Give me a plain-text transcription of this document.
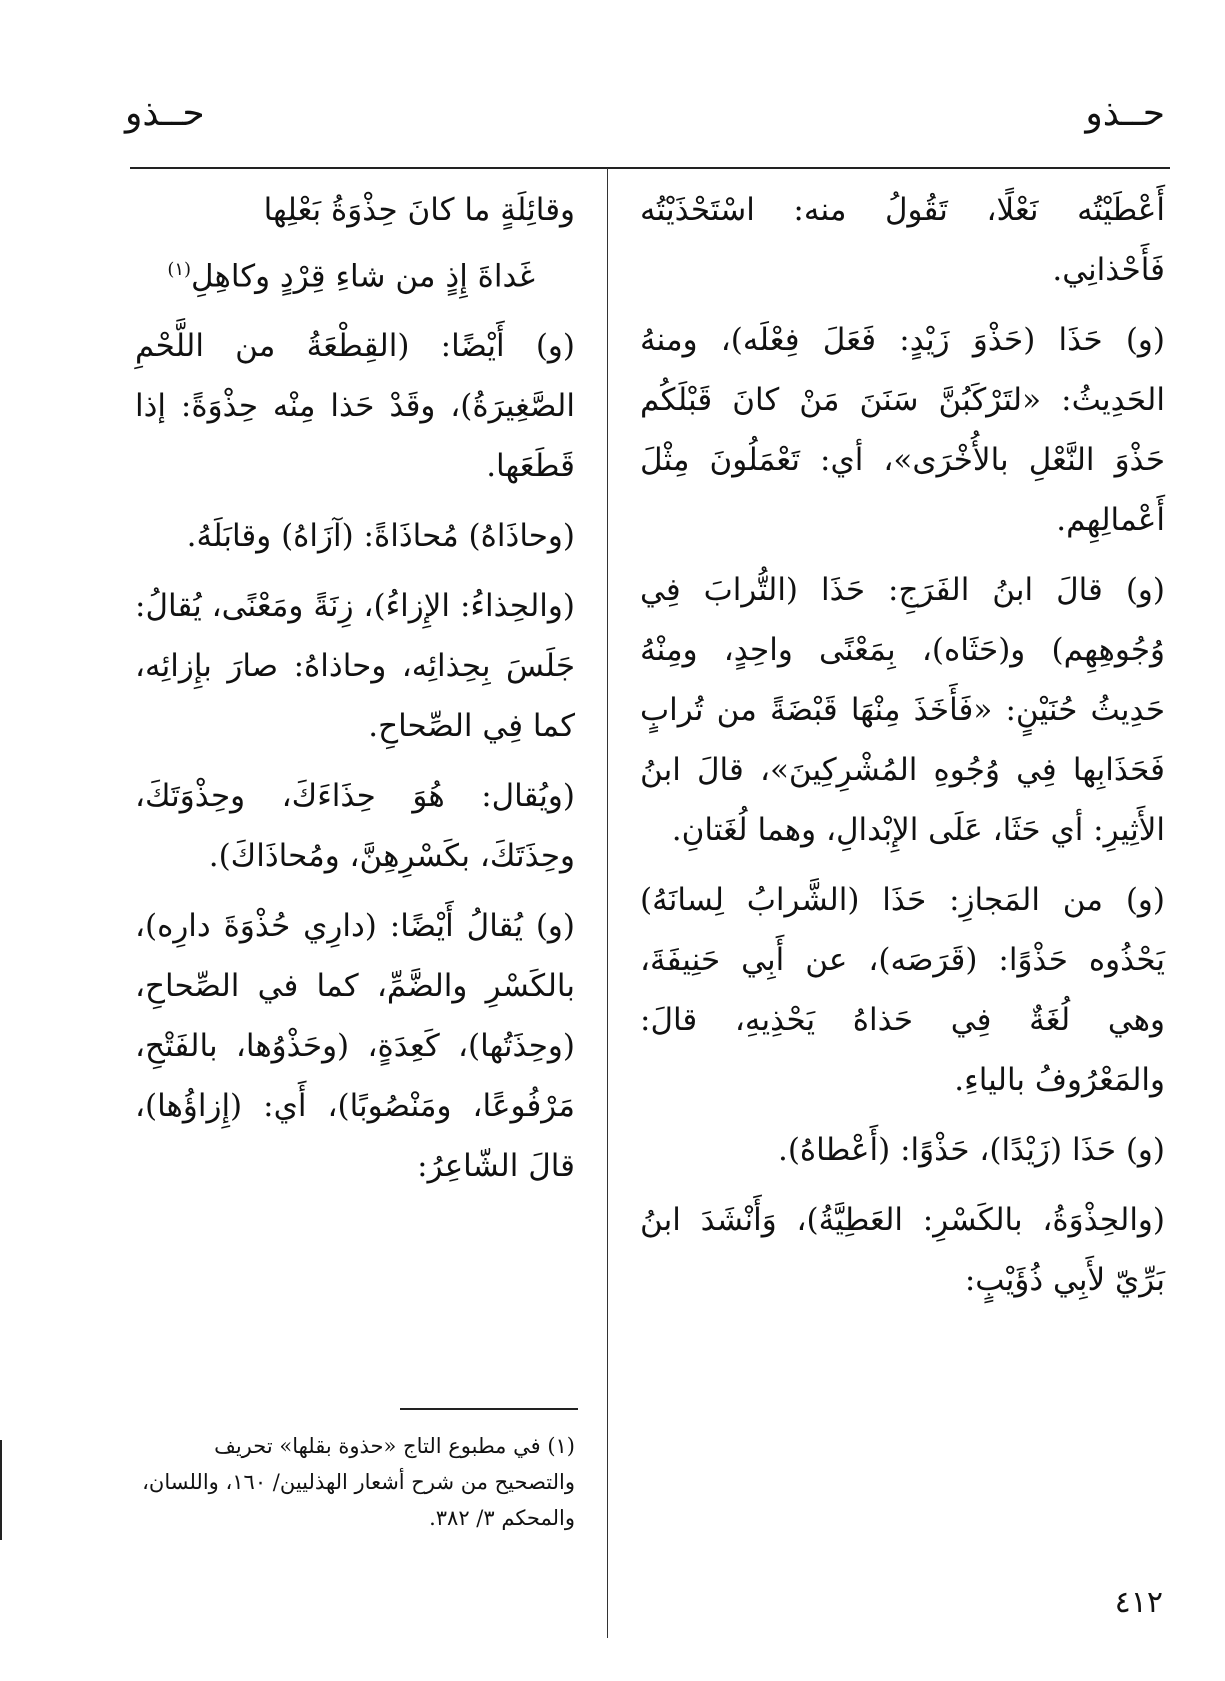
حــذو
حــذو

أَعْطَيْتُه نَعْلًا، تَقُولُ منه: اسْتَحْذَيْتُه فَأَحْذانِي.

(و) حَذَا (حَذْوَ زَيْدٍ: فَعَلَ فِعْلَه)، ومنهُ الحَدِيثُ: «لتَرْكَبُنَّ سَنَنَ مَنْ كانَ قَبْلَكُم حَذْوَ النَّعْلِ بالأُخْرَى»، أي: تَعْمَلُونَ مِثْلَ أَعْمالِهِم.

(و) قالَ ابنُ الفَرَجِ: حَذَا (التُّرابَ فِي وُجُوهِهِم) و(حَثَاه)، بِمَعْنًى واحِدٍ، ومِنْهُ حَدِيثُ حُنَيْنٍ: «فَأَخَذَ مِنْهَا قَبْضَةً من تُرابٍ فَحَذَابِها فِي وُجُوهِ المُشْرِكِينَ»، قالَ ابنُ الأَثِيرِ: أي حَثَا، عَلَى الإِبْدالِ، وهما لُغَتانِ.

(و) من المَجازِ: حَذَا (الشَّرابُ لِسانَهُ) يَحْذُوه حَذْوًا: (قَرَصَه)، عن أَبِي حَنِيفَةَ، وهي لُغَةٌ فِي حَذاهُ يَحْذِيهِ، قالَ: والمَعْرُوفُ بالياءِ.

(و) حَذَا (زَيْدًا)، حَذْوًا: (أَعْطاهُ).

(والحِذْوَةُ، بالكَسْرِ: العَطِيَّةُ)، وَأَنْشَدَ ابنُ بَرِّيّ لأَبِي ذُؤَيْبٍ:

وقائِلَةٍ ما كانَ حِذْوَةُ بَعْلِها
غَداةَ إِذٍ من شاءِ قِرْدٍ وكاهِلِ$^{(١)}$

(و) أَيْضًا: (القِطْعَةُ من اللَّحْمِ الصَّغِيرَةُ)، وقَدْ حَذا مِنْه حِذْوَةً: إذا قَطَعَها.

(وحاذَاهُ) مُحاذَاةً: (آزَاهُ) وقابَلَهُ.

(والحِذاءُ: الإِزاءُ)، زِنَةً ومَعْنًى، يُقالُ: جَلَسَ بِحِذائِه، وحاذاهُ: صارَ بإِزائِه، كما فِي الصِّحاحِ.

(ويُقال: هُوَ حِذَاءَكَ، وحِذْوَتَكَ، وحِذَتَكَ، بكَسْرِهِنَّ، ومُحاذَاكَ).

(و) يُقالُ أَيْضًا: (دارِي حُذْوَةَ دارِه)، بالكَسْرِ والضَّمِّ، كما في الصِّحاحِ، (وحِذَتُها)، كَعِدَةٍ، (وحَذْوُها، بالفَتْحِ، مَرْفُوعًا، ومَنْصُوبًا)، أَي: (إِزاؤُها)، قالَ الشّاعِرُ:

(١) في مطبوع التاج «حذوة بقلها» تحريف والتصحيح من شرح أشعار الهذليين/ ١٦٠، واللسان، والمحكم ٣/ ٣٨٢.
٤١٢
